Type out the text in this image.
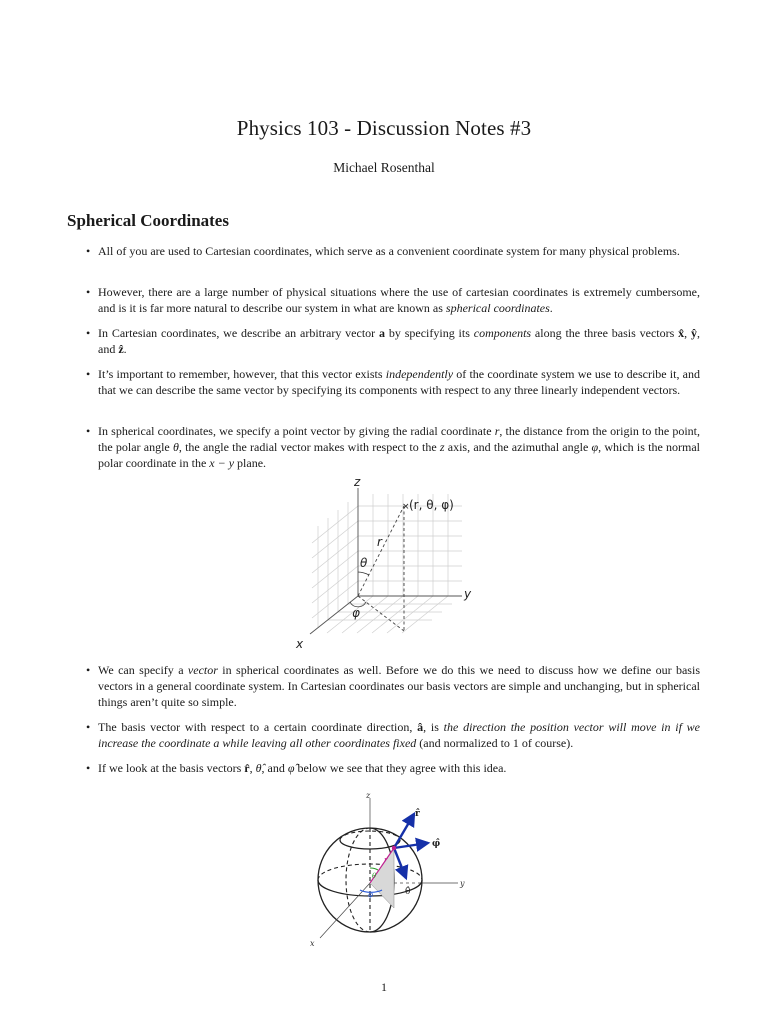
Physics 103 - Discussion Notes #3
Michael Rosenthal
Spherical Coordinates
• All of you are used to Cartesian coordinates, which serve as a convenient coordinate system for many physical problems.
• However, there are a large number of physical situations where the use of cartesian coordinates is extremely cumbersome, and is it is far more natural to describe our system in what are known as spherical coordinates.
• In Cartesian coordinates, we describe an arbitrary vector a by specifying its components along the three basis vectors x̂, ŷ, and ẑ.
• It’s important to remember, however, that this vector exists independently of the coordinate system we use to describe it, and that we can describe the same vector by specifying its components with respect to any three linearly independent vectors.
• In spherical coordinates, we specify a point vector by giving the radial coordinate r, the distance from the origin to the point, the polar angle θ, the angle the radial vector makes with respect to the z axis, and the azimuthal angle φ, which is the normal polar coordinate in the x − y plane.
• We can specify a vector in spherical coordinates as well. Before we do this we need to discuss how we define our basis vectors in a general coordinate system. In Cartesian coordinates our basis vectors are simple and unchanging, but in spherical things aren’t quite so simple.
• The basis vector with respect to a certain coordinate direction, â, is the direction the position vector will move in if we increase the coordinate a while leaving all other coordinates fixed (and normalized to 1 of course).
• If we look at the basis vectors r̂, θ̂, and φ̂ below we see that they agree with this idea.
×
z
y
x
(r, θ, φ)
r
θ
φ
z
y
x
r̂
φ̂
θ̂
θ
φ
r
1
